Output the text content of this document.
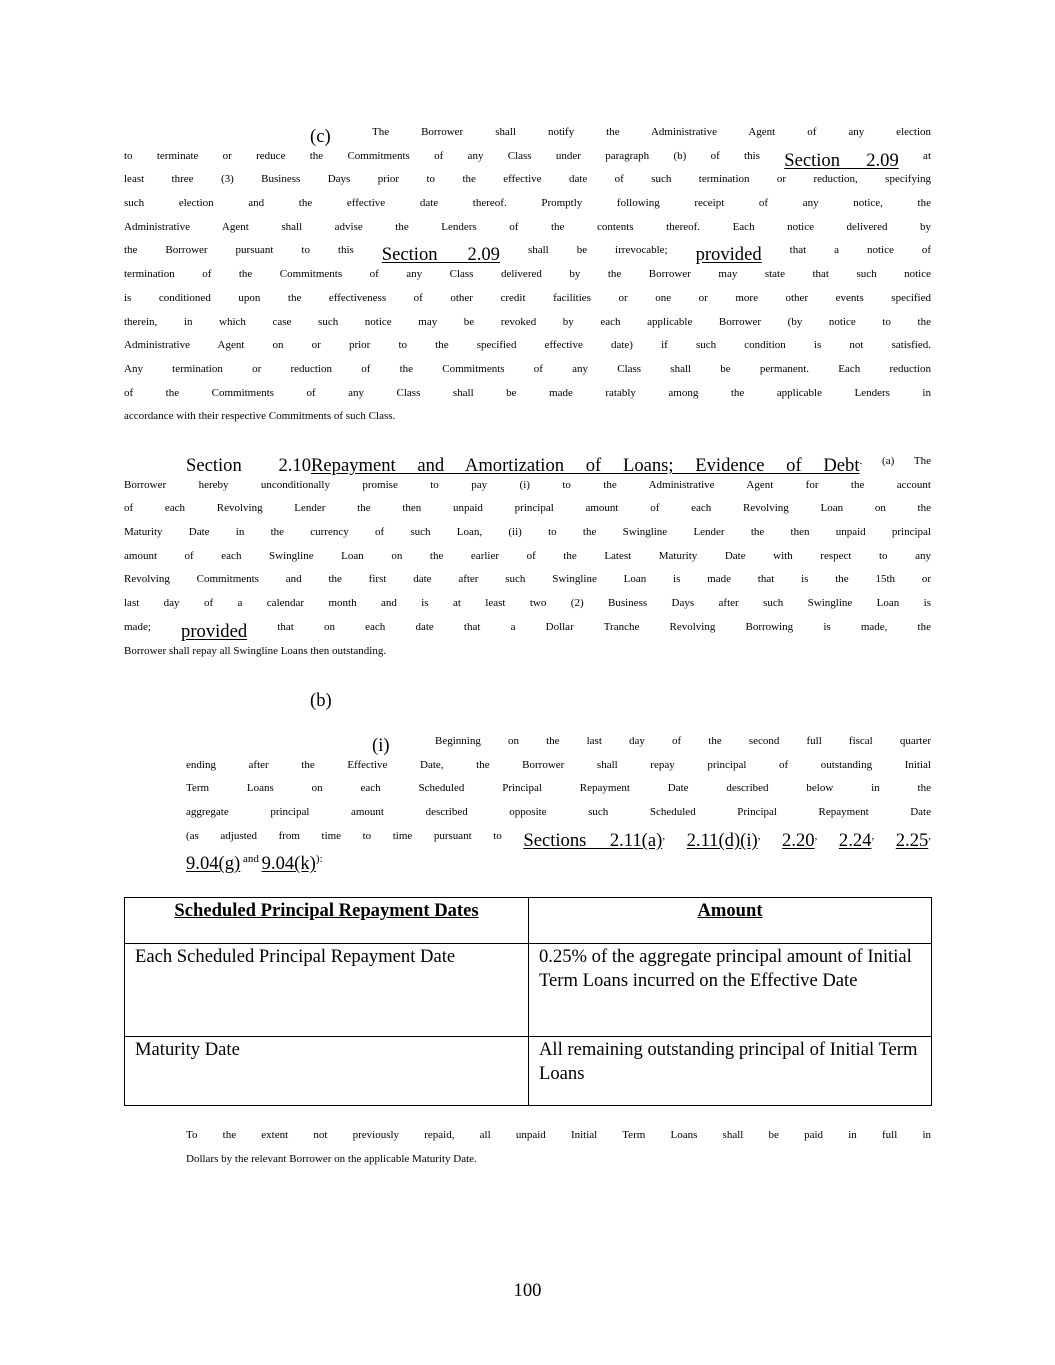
(c)	$^{The Borrower shall notify the Administrative Agent of any election}$
$^{to terminate or reduce the Commitments of any Class under paragraph (b) of this}$ Section 2.09 $^{at}$
$^{least three (3) Business Days prior to the effective date of such termination or reduction, specifying}$
$^{such election and the effective date thereof. Promptly following receipt of any notice, the}$
$^{Administrative Agent shall advise the Lenders of the contents thereof. Each notice delivered by}$
$^{the Borrower pursuant to this}$ Section 2.09 $^{shall be irrevocable;}$ provided $^{that a notice of}$
$^{termination of the Commitments of any Class delivered by the Borrower may state that such notice}$
$^{is conditioned upon the effectiveness of other credit facilities or one or more other events specified}$
$^{therein, in which case such notice may be revoked by each applicable Borrower (by notice to the}$
$^{Administrative Agent on or prior to the specified effective date) if such condition is not satisfied.}$
$^{Any termination or reduction of the Commitments of any Class shall be permanent. Each reduction}$
$^{of the Commitments of any Class shall be made ratably among the applicable Lenders in}$
$^{accordance with their respective Commitments of such Class.}$
Section 2.10Repayment and Amortization of Loans; Evidence of Debt$^{. (a) The}$
$^{Borrower hereby unconditionally promise to pay (i) to the Administrative Agent for the account}$
$^{of each Revolving Lender the then unpaid principal amount of each Revolving Loan on the}$
$^{Maturity Date in the currency of such Loan, (ii) to the Swingline Lender the then unpaid principal}$
$^{amount of each Swingline Loan on the earlier of the Latest Maturity Date with respect to any}$
$^{Revolving Commitments and the first date after such Swingline Loan is made that is the 15th}$ $^{or}$
$^{last day of a calendar month and is at least two (2) Business Days after such Swingline Loan is}$
$^{made;}$ provided $^{that on each date that a Dollar Tranche Revolving Borrowing is made, the}$
$^{Borrower shall repay all Swingline Loans then outstanding.}$
(b)
(i)	$^{Beginning on the last day of the second full fiscal quarter}$
$^{ending after the Effective Date, the Borrower shall repay principal of outstanding Initial}$
$^{Term Loans on each Scheduled Principal Repayment Date described below in the}$
$^{aggregate principal amount described opposite such Scheduled Principal Repayment Date}$
$^{(as adjusted from time to time pursuant to}$ Sections 2.11(a), 2.11(d)(i), 2.20, 2.24, 2.25,
9.04(g) $^{and}$ 9.04(k)):
Scheduled Principal Repayment Dates	Amount
Each Scheduled Principal Repayment Date	0.25% of the aggregate principal amount of Initial Term Loans incurred on the Effective Date
Maturity Date	All remaining outstanding principal of Initial Term Loans
$^{To the extent not previously repaid, all unpaid Initial Term Loans shall be paid in full in}$
$^{Dollars by the relevant Borrower on the applicable Maturity Date.}$
100
